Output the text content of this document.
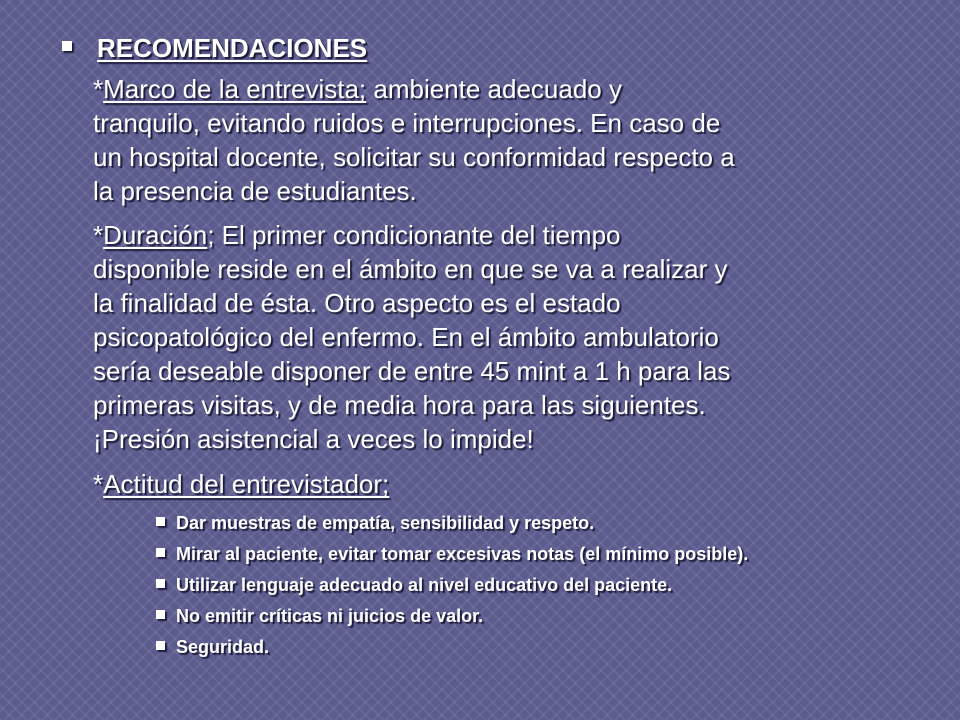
RECOMENDACIONES
*Marco de la entrevista; ambiente adecuado y
tranquilo, evitando ruidos e interrupciones. En caso de
un hospital docente, solicitar su conformidad respecto a
la presencia de estudiantes.
*Duración; El primer condicionante del tiempo
disponible reside en el ámbito en que se va a realizar y
la finalidad de ésta. Otro aspecto es el estado
psicopatológico del enfermo. En el ámbito ambulatorio
sería deseable disponer de entre 45 mint a 1 h para las
primeras visitas, y de media hora para las siguientes.
¡Presión asistencial a veces lo impide!
*Actitud del entrevistador;
Dar muestras de empatía, sensibilidad y respeto.
Mirar al paciente, evitar tomar excesivas notas (el mínimo posible).
Utilizar lenguaje adecuado al nivel educativo del paciente.
No emitir críticas ni juicios de valor.
Seguridad.
